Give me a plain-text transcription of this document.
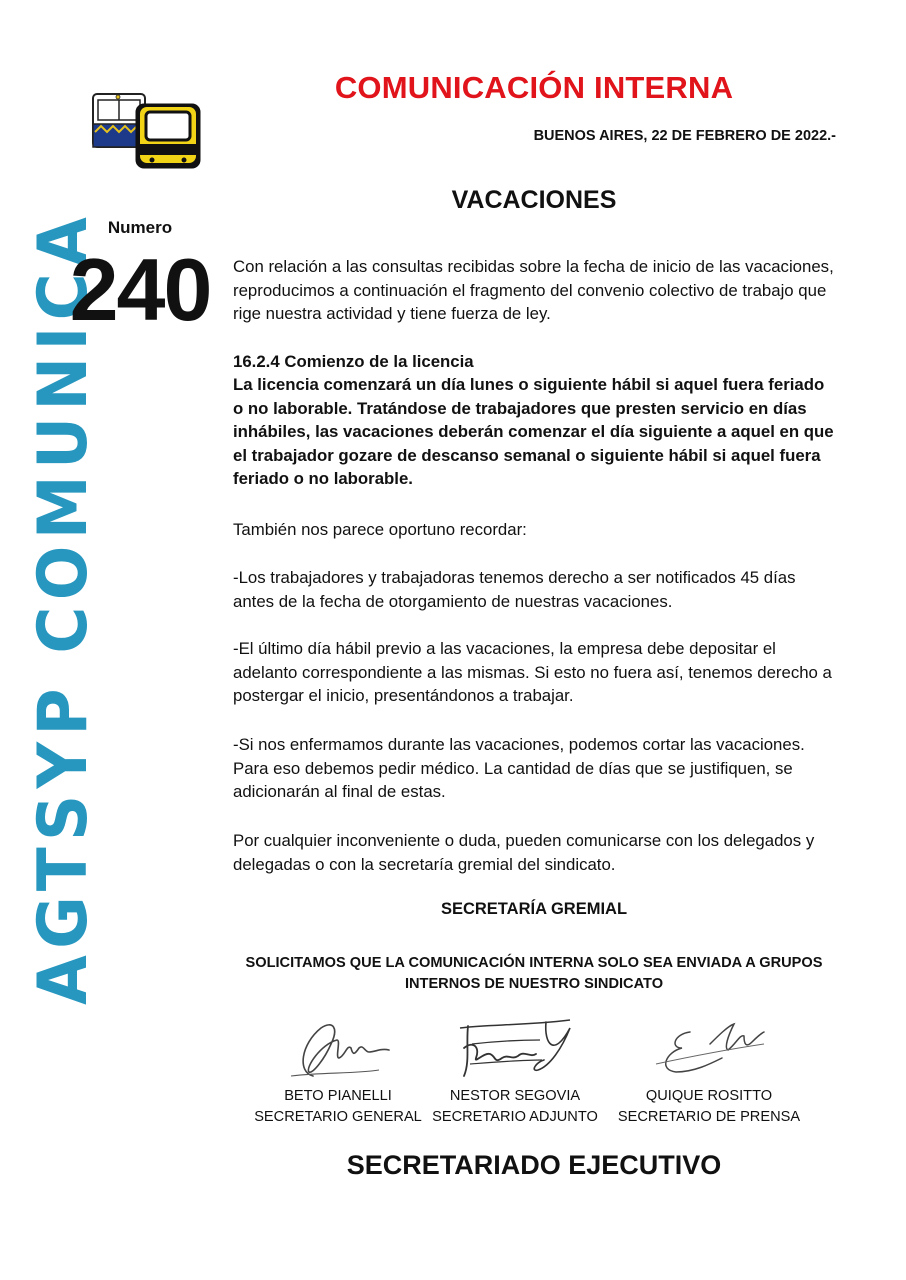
AGTSYP COMUNICA
COMUNICACIÓN INTERNA
BUENOS AIRES, 22 DE FEBRERO DE 2022.-
VACACIONES
Numero
240	Con relación a las consultas recibidas sobre la fecha de inicio de las vacaciones, reproducimos a continuación el fragmento del convenio colectivo de trabajo que rige nuestra actividad y tiene fuerza de ley.
16.2.4 Comienzo de la licencia
La licencia comenzará un día lunes o siguiente hábil si aquel fuera feriado o no laborable. Tratándose de trabajadores que presten servicio en días inhábiles, las vacaciones deberán comenzar el día siguiente a aquel en que el trabajador gozare de descanso semanal o siguiente hábil si aquel fuera feriado o no laborable.
También nos parece oportuno recordar:
-Los trabajadores y trabajadoras tenemos derecho a ser notificados 45 días antes de la fecha de otorgamiento de nuestras vacaciones.
-El último día hábil previo a las vacaciones, la empresa debe depositar el adelanto correspondiente a las mismas. Si esto no fuera así, tenemos derecho a postergar el inicio, presentándonos a trabajar.
-Si nos enfermamos durante las vacaciones, podemos cortar las vacaciones. Para eso debemos pedir médico. La cantidad de días que se justifiquen, se adicionarán al final de estas.
Por cualquier inconveniente o duda, pueden comunicarse con los delegados y delegadas o con la secretaría gremial del sindicato.
SECRETARÍA GREMIAL
SOLICITAMOS QUE LA COMUNICACIÓN INTERNA SOLO SEA ENVIADA A GRUPOS INTERNOS DE NUESTRO SINDICATO
BETO PIANELLI
SECRETARIO GENERAL
NESTOR SEGOVIA
SECRETARIO ADJUNTO
QUIQUE ROSITTO
SECRETARIO DE PRENSA
SECRETARIADO EJECUTIVO
